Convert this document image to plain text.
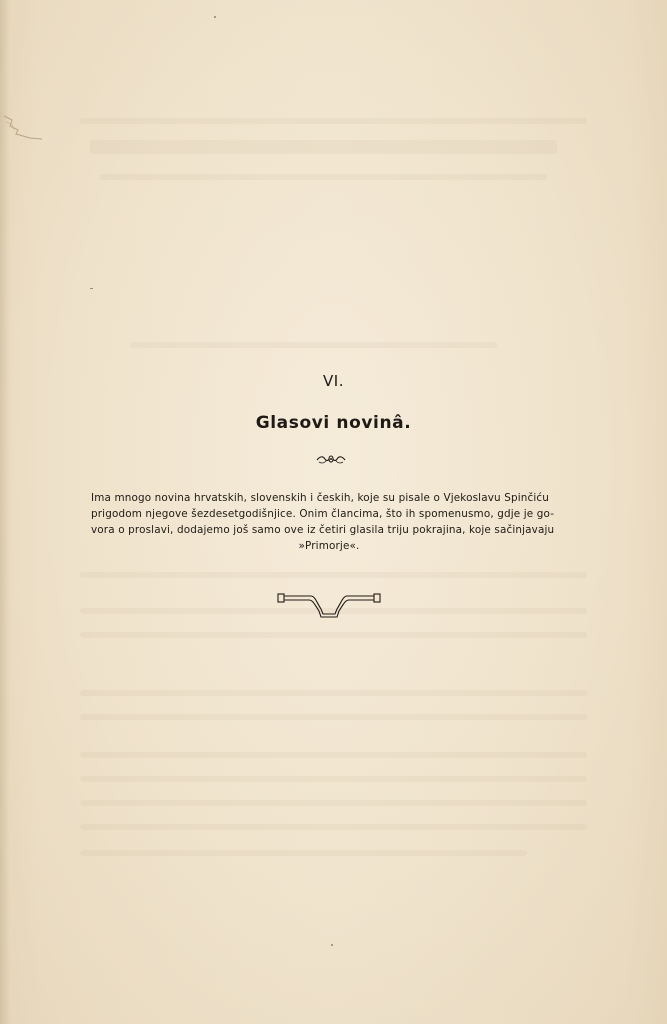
VI.
Glasovi novinâ.

Ima mnogo novina hrvatskih, slovenskih i českih, koje su pisale o Vjekoslavu Spinčiću

prigodom njegove šezdesetgodišnjice. Onim člancima, što ih spomenusmo, gdje je go-

vora o proslavi, dodajemo još samo ove iz četiri glasila triju pokrajina, koje sačinjavaju

»Primorje«.
